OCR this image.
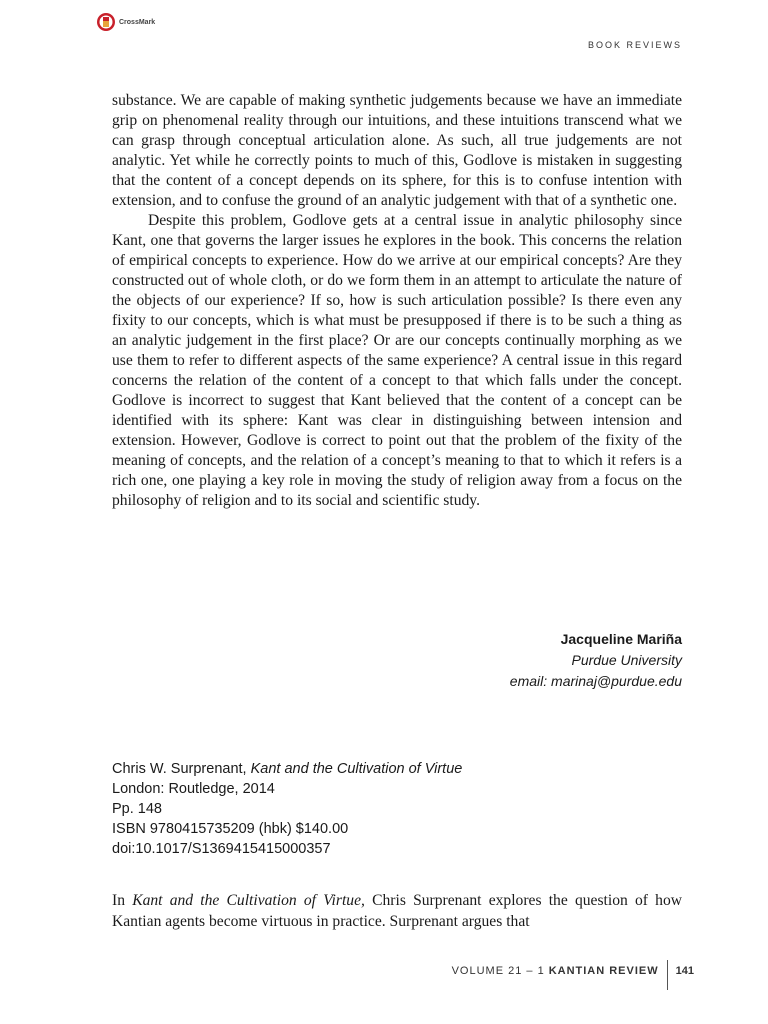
CrossMark
BOOK REVIEWS

substance. We are capable of making synthetic judgements because we have an immediate grip on phenomenal reality through our intuitions, and these intuitions transcend what we can grasp through conceptual articulation alone. As such, all true judgements are not analytic. Yet while he correctly points to much of this, Godlove is mistaken in suggesting that the content of a concept depends on its sphere, for this is to confuse intention with extension, and to confuse the ground of an analytic judgement with that of a synthetic one.

Despite this problem, Godlove gets at a central issue in analytic philosophy since Kant, one that governs the larger issues he explores in the book. This concerns the relation of empirical concepts to experience. How do we arrive at our empirical concepts? Are they constructed out of whole cloth, or do we form them in an attempt to articulate the nature of the objects of our experience? If so, how is such articulation possible? Is there even any fixity to our concepts, which is what must be presupposed if there is to be such a thing as an analytic judgement in the first place? Or are our concepts continually morphing as we use them to refer to different aspects of the same experience? A central issue in this regard concerns the relation of the content of a concept to that which falls under the concept. Godlove is incorrect to suggest that Kant believed that the content of a concept can be identified with its sphere: Kant was clear in distinguishing between intension and extension. However, Godlove is correct to point out that the problem of the fixity of the meaning of concepts, and the relation of a concept’s meaning to that to which it refers is a rich one, one playing a key role in moving the study of religion away from a focus on the philosophy of religion and to its social and scientific study.

Jacqueline Mariña
Purdue University
email: marinaj@purdue.edu
Chris W. Surprenant, Kant and the Cultivation of Virtue
London: Routledge, 2014
Pp. 148
ISBN 9780415735209 (hbk) $140.00
doi:10.1017/S1369415415000357

In Kant and the Cultivation of Virtue, Chris Surprenant explores the question of how Kantian agents become virtuous in practice. Surprenant argues that

VOLUME 21 – 1 KANTIAN REVIEW 141
